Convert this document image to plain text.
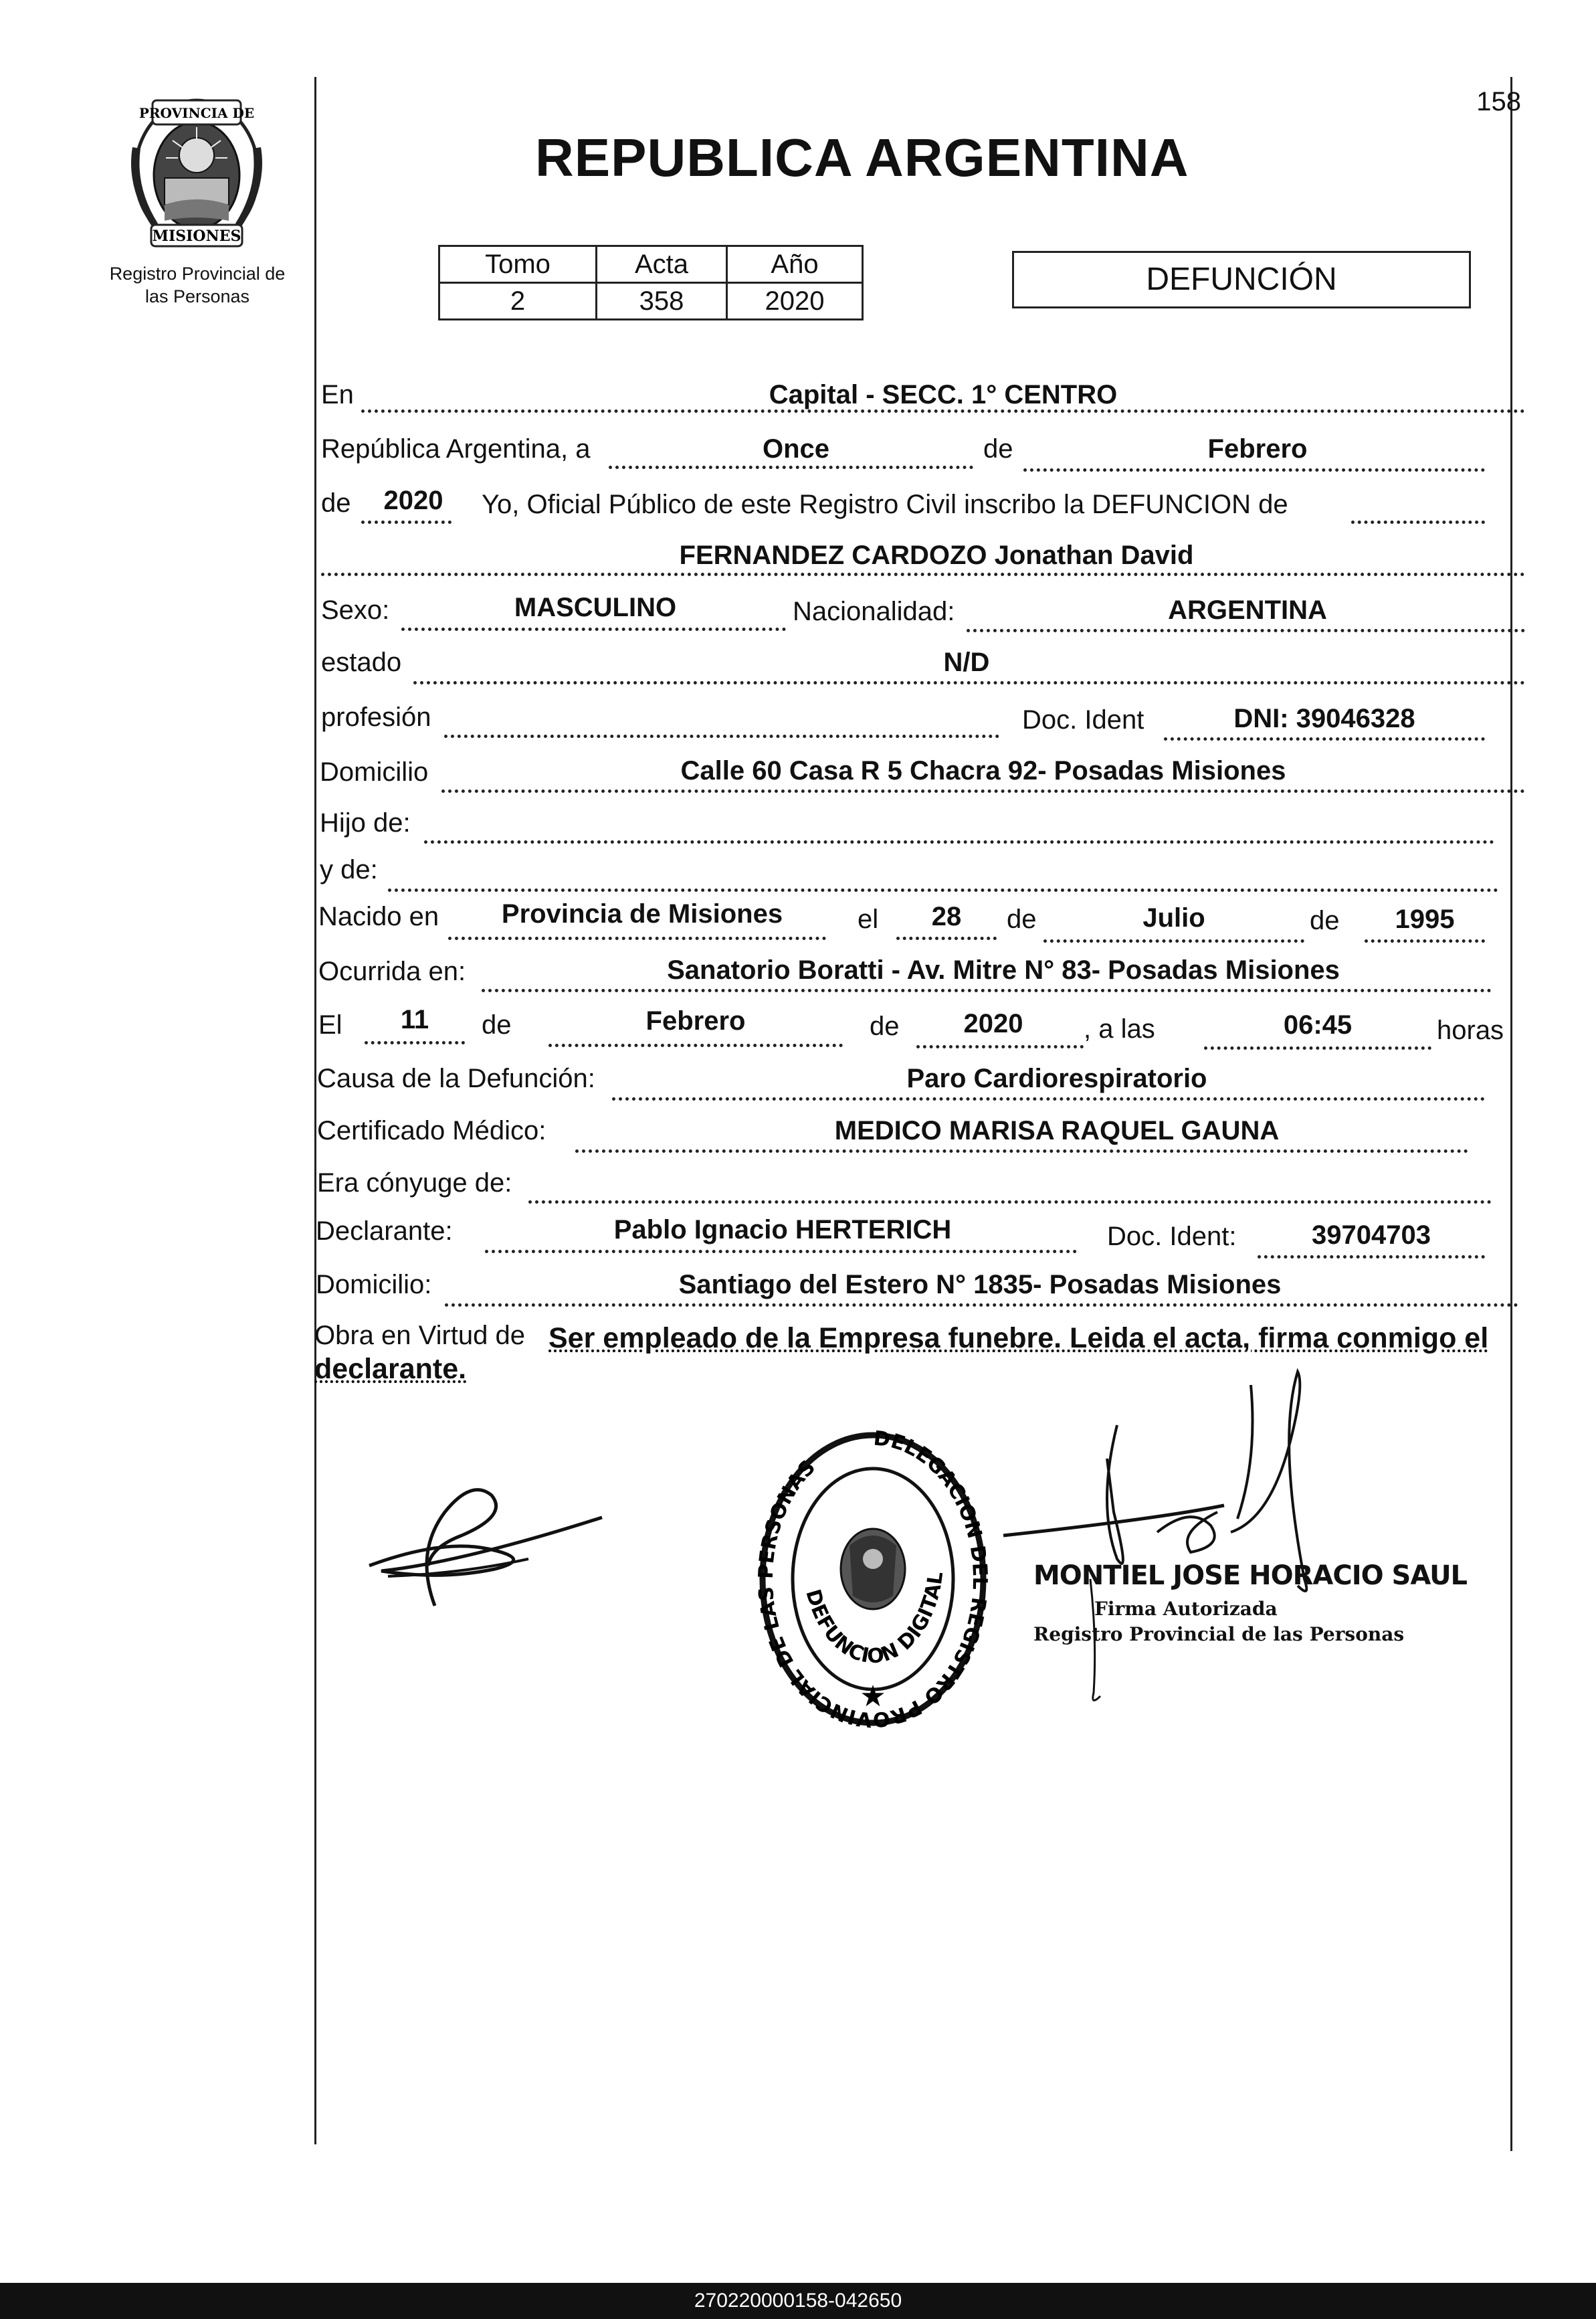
PROVINCIA DE
MISIONES
Registro Provincial de
las Personas
158
REPUBLICA ARGENTINA
Tomo	Acta	Año
2	358	2020
DEFUNCIÓN
En	Capital - SECC. 1° CENTRO
República Argentina, a	Once	de	Febrero
de	2020	Yo, Oficial Público de este Registro Civil inscribo la DEFUNCION de
FERNANDEZ CARDOZO Jonathan David
Sexo:	MASCULINO	Nacionalidad:	ARGENTINA
estado	N/D
profesión	Doc. Ident	DNI: 39046328
Domicilio	Calle 60 Casa R 5 Chacra 92- Posadas Misiones
Hijo de:
y de:
Nacido en	Provincia de Misiones	el	28	de	Julio	de	1995
Ocurrida en:	Sanatorio Boratti - Av. Mitre N° 83- Posadas Misiones
El	11	de	Febrero	de	2020	, a las	06:45	horas
Causa de la Defunción:	Paro Cardiorespiratorio
Certificado Médico:	MEDICO MARISA RAQUEL GAUNA
Era cónyuge de:
Declarante:	Pablo Ignacio HERTERICH	Doc. Ident:	39704703
Domicilio:	Santiago del Estero N° 1835- Posadas Misiones
Obra en Virtud de Ser empleado de la Empresa funebre. Leida el acta, firma conmigo el
declarante.
DELEGACION DEL REGISTRO PROVINCIAL DE LAS PERSONAS
DEFUNCION DIGITAL
★
MONTIEL JOSE HORACIO SAUL
Firma Autorizada
Registro Provincial de las Personas
270220000158-042650
